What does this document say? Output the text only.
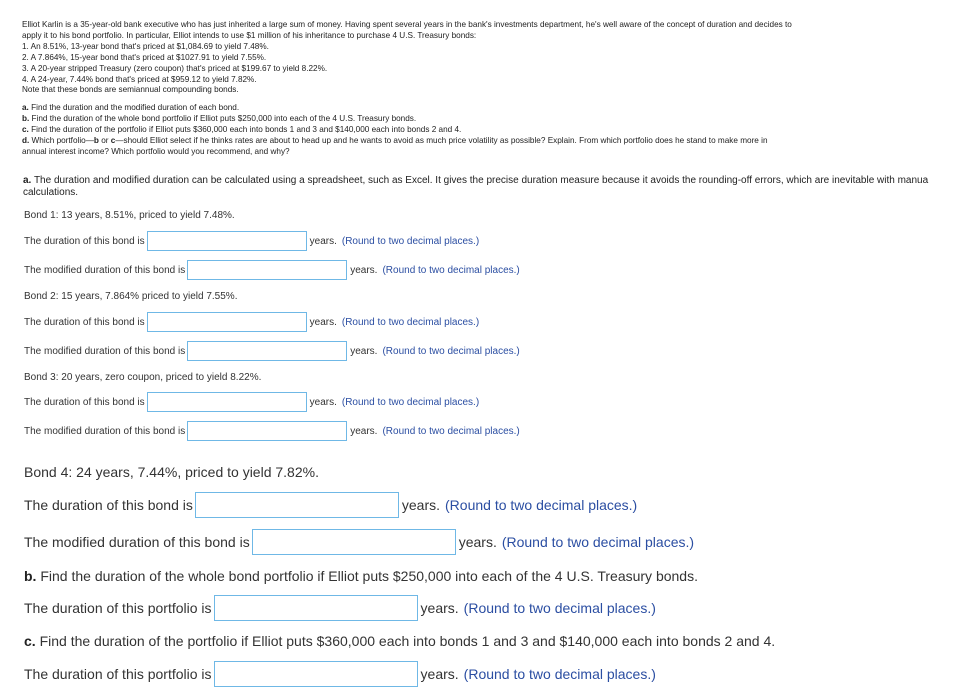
Elliot Karlin is a 35-year-old bank executive who has just inherited a large sum of money. Having spent several years in the bank's investments department, he's well aware of the concept of duration and decides to

apply it to his bond portfolio. In particular, Elliot intends to use $1 million of his inheritance to purchase 4 U.S. Treasury bonds:

1. An 8.51%, 13-year bond that's priced at $1,084.69 to yield 7.48%.

2. A 7.864%, 15-year bond that's priced at $1027.91 to yield 7.55%.

3. A 20-year stripped Treasury (zero coupon) that's priced at $199.67 to yield 8.22%.

4. A 24-year, 7.44% bond that's priced at $959.12 to yield 7.82%.

Note that these bonds are semiannual compounding bonds.

a. Find the duration and the modified duration of each bond.

b. Find the duration of the whole bond portfolio if Elliot puts $250,000 into each of the 4 U.S. Treasury bonds.

c. Find the duration of the portfolio if Elliot puts $360,000 each into bonds 1 and 3 and $140,000 each into bonds 2 and 4.

d. Which portfolio—b or c—should Elliot select if he thinks rates are about to head up and he wants to avoid as much price volatility as possible? Explain. From which portfolio does he stand to make more in

annual interest income? Which portfolio would you recommend, and why?

a. The duration and modified duration can be calculated using a spreadsheet, such as Excel. It gives the precise duration measure because it avoids the rounding-off errors, which are inevitable with manua
calculations.
Bond 1: 13 years, 8.51%, priced to yield 7.48%.
The duration of this bond is	years. (Round to two decimal places.)
The modified duration of this bond is	years. (Round to two decimal places.)
Bond 2: 15 years, 7.864% priced to yield 7.55%.
The duration of this bond is	years. (Round to two decimal places.)
The modified duration of this bond is	years. (Round to two decimal places.)
Bond 3: 20 years, zero coupon, priced to yield 8.22%.
The duration of this bond is	years. (Round to two decimal places.)
The modified duration of this bond is	years. (Round to two decimal places.)
Bond 4: 24 years, 7.44%, priced to yield 7.82%.
The duration of this bond is	years. (Round to two decimal places.)
The modified duration of this bond is	years. (Round to two decimal places.)
b. Find the duration of the whole bond portfolio if Elliot puts $250,000 into each of the 4 U.S. Treasury bonds.
The duration of this portfolio is	years. (Round to two decimal places.)
c. Find the duration of the portfolio if Elliot puts $360,000 each into bonds 1 and 3 and $140,000 each into bonds 2 and 4.
The duration of this portfolio is	years. (Round to two decimal places.)
